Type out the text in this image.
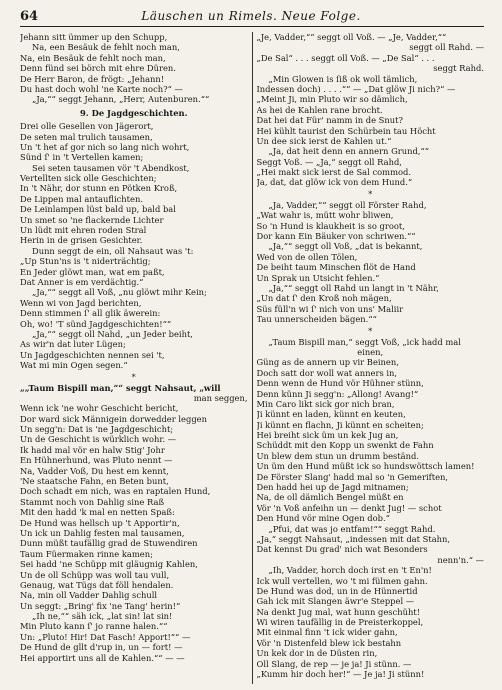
64	Läuschen un Rimels. Neue Folge.
Jehann sitt ümmer up den Schupp,
Na, een Besäuk de fehlt noch man,
Na, ein Besäuk de fehlt noch man,
Denn fünd sei börch mit ehre Düren.
De Herr Baron, de frögt: „Jehann!
Du hast doch wohl 'ne Karte noch?“ —
„Ja,““ seggt Jehann, „Herr, Autenburen.““
9. De Jagdgeschichten.
Drei olle Gesellen von Jägerort,
De seten mal trulich tausamen,
Un 't het af gor nich so lang nich wohrt,
Sünd ſ' in 't Vertellen kamen;
Sei seten tausamen vör 't Abendkost,
Vertellten sick olle Geschichten;
In 't Nähr, dor stunn en Pötken Kroß,
De Lippen mal antauflichten.
De Leinlampen lüst bald up, bald bal
Un smet so 'ne flackernde Lichter
Un lüdt mit ehren roden Stral
Herin in de grisen Gesichter.
Dunn seggt de ein, oll Nahsaut was 't:
„Up Stun'ns is 't niderträchtig;
En Jeder glöwt man, wat em paßt,
Dat Anner is em verdächtig.“
„Ja,““ seggt all Voß, „nu glöwt mihr Kein;
Wenn wi von Jagd berichten,
Denn stimmen ſ' all glik äwerein:
Oh, wo! 'T sünd Jagdgeschichten!““
„Ja,““ seggt oll Nahd, „un Jeder beiht,
As wir'n dat luter Lügen;
Un Jagdgeschichten nennen sei 't,
Wat mi min Ogen segen.“
*
„„Taum Bispill man,““ seggt Nahsaut, „will
man seggen,
Wenn ick 'ne wohr Geschicht bericht,
Dor ward sick Männigein dorwedder leggen
Un segg'n: Dat is 'ne Jagdgeschicht;
Un de Geschicht is würklich wohr. —
Ik hadd mal vör en halw Stig' Johr
En Hühnerhund, was Pluto nennt —
Na, Vadder Voß, Du hest em kennt,
'Ne staatsche Fahn, en Beten bunt,
Doch schadt em nich, was en raptalen Hund,
Stammt noch von Dahlig sine Raß
Mit den hadd 'k mal en netten Spaß:
De Hund was hellsch up 't Apportir'n,
Un ick un Dahlig festen mal tausamen,
Dunn müßt taufällig grad de Stuwendiren
Taum Füermaken rinne kamen;
Sei hadd 'ne Schüpp mit gläugnig Kahlen,
Un de oll Schüpp was woll tau vull,
Genaug, wat Tügs dat föll hendalen.
Na, min oll Vadder Dahlig schull
Un seggt: „Bring' fix 'ne Tang' herin!“
„Ih ne,““ säh ick, „lat sin! lat sin!
Min Pluto kann ſ' jo ranne halen.““
Un: „Pluto! Hir! Dat Fasch! Apport!““ —
De Hund de gllt d'rup in, un — fort! —
Hei apportirt uns all de Kahlen.““ — —
„Je, Vadder,““ seggt oll Voß. — „Je, Vadder,““
seggt oll Rahd. —
„De Sal“ . . . seggt oll Voß. — „De Sal“ . . .
seggt Rahd.
„Min Glowen is ſiß ok woll tämlich,
Indessen doch) . . . .““ — „Dat glöw Ji nich?“ —
„Meint Ji, min Pluto wir so dämlich,
As hei de Kahlen rane brocht.
Dat hei dat Für' namm in de Snut?
Hei kühlt taurist den Schürbein tau Höcht
Un dee sick ierst de Kahlen ut.“
„Ja, dat heit denn en annern Grund,““
Seggt Voß. — „Ja,“ seggt oll Rahd,
„Hei makt sick ierst de Sal commod.
Ja, dat, dat glöw ick von dem Hund.“
*
„Ja, Vadder,““ seggt oll Förster Rahd,
„Wat wahr is, mütt wohr bliwen,
So 'n Hund is klaukheit is so groot,
Dor kann Ein Bäuker von schriwen.““
„Ja,““ seggt oll Voß, „dat is bekannt,
Wed von de ollen Tölen,
De beiht taum Minschen flöt de Hand
Un Sprak un Utsicht fehlen.“
„Ja,““ seggt oll Rahd un langt in 't Nähr,
„Un dat ſ' den Kroß noh mägen,
Süs füll'n wi ſ' nich von uns' Maliir
Tau unnerscheiden bägen.““
*
„Taum Bispill man,“ seggt Voß, „ick hadd mal
einen,
Güng as de annern up vir Beinen,
Doch satt dor woll wat anners in,
Denn wenn de Hund vör Hühner stünn,
Denn künn Ji segg'n: „Allong! Avang!“
Min Caro likt sick gor nich bran,
Ji künnt en laden, künnt en keuten,
Ji künnt en flachn, Ji künnt en scheiten;
Hei breiht sick üm un kek Jug an,
Schüddt mit den Kopp un swenkt de Fahn
Un blew dem stun un drumm beständ.
Un üm den Hund müßt ick so hundswöttsch lamen!
De Förster Slang' hadd mal so 'n Gemeriften,
Den hadd hei up de Jagd mitnamen;
Na, de oll dämlich Bengel müßt en
Vör 'n Voß anfeihn un — denkt Jug! — schot
Den Hund vör mine Ogen dob.“
„Pfui, dat was jo entfam!““ seggt Rahd.
„Ja,“ seggt Nahsaut, „indessen mit dat Stahn,
Dat kennst Du grad' nich wat Besonders
nenn'n.“ —
„Ih, Vadder, horch doch irst en 't En'n!
Ick wull vertellen, wo 't mi fülmen gahn.
De Hund was dod, un in de Hünnertid
Gah ick mit Slangen äwr'e Steppel —
Na denkt Jug mal, wat hunn geschüht!
Wi wiren taufällig in de Preisterkoppel,
Mit einmal finn 't ick wider gahn,
Vör 'n Distenfeld blew ick bestahn
Un kek dor in de Düsten rin,
Oll Slang, de rep — je ja! Ji stünn. —
„Kumm hir doch her!“ — Je ja! Ji stünn!
